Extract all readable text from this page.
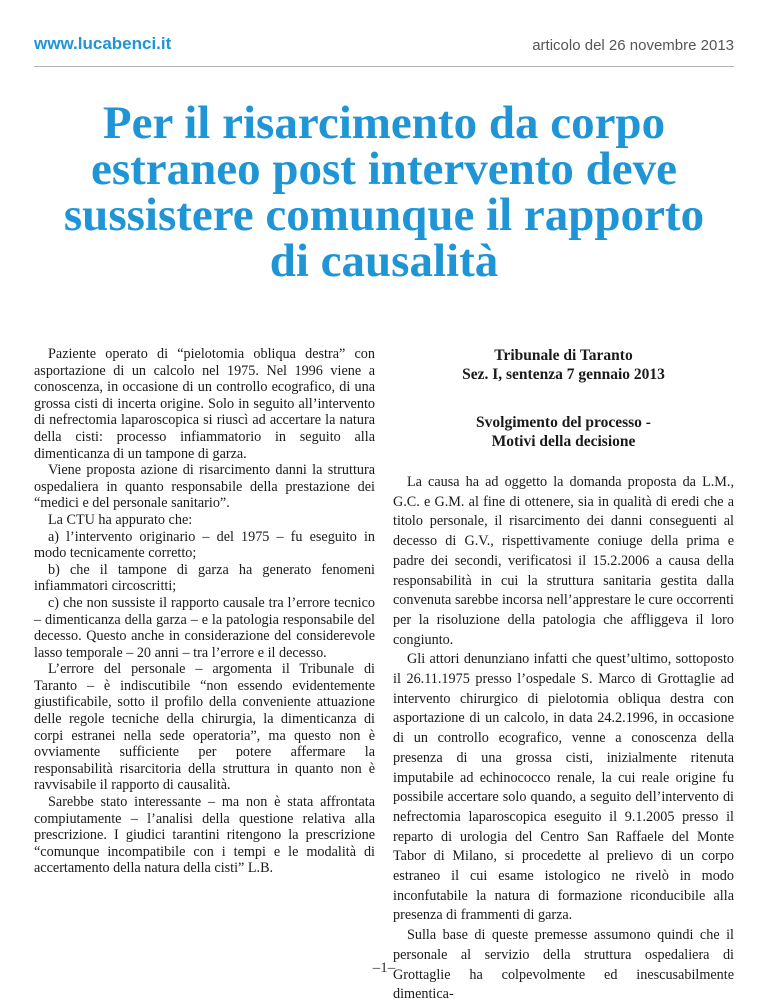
www.lucabenci.it	articolo del 26 novembre 2013
Per il risarcimento da corpo estraneo post intervento deve sussistere comunque il rapporto di causalità

Paziente operato di “pielotomia obliqua destra” con asportazione di un calcolo nel 1975. Nel 1996 viene a conoscenza, in occasione di un controllo ecografico, di una grossa cisti di incerta origine. Solo in seguito all’intervento di nefrectomia laparoscopica si riuscì ad accertare la natura della cisti: processo infiammatorio in seguito alla dimenticanza di un tampone di garza.

Viene proposta azione di risarcimento danni la struttura ospedaliera in quanto responsabile della prestazione dei “medici e del personale sanitario”.

La CTU ha appurato che:

a) l’intervento originario – del 1975 – fu eseguito in modo tecnicamente corretto;

b) che il tampone di garza ha generato fenomeni infiammatori circoscritti;

c) che non sussiste il rapporto causale tra l’errore tecnico – dimenticanza della garza – e la patologia responsabile del decesso. Questo anche in considerazione del considerevole lasso temporale – 20 anni – tra l’errore e il decesso.

L’errore del personale – argomenta il Tribunale di Taranto – è indiscutibile “non essendo evidentemente giustificabile, sotto il profilo della conveniente attuazione delle regole tecniche della chirurgia, la dimenticanza di corpi estranei nella sede operatoria”, ma questo non è ovviamente sufficiente per potere affermare la responsabilità risarcitoria della struttura in quanto non è ravvisabile il rapporto di causalità.

Sarebbe stato interessante – ma non è stata affrontata compiutamente – l’analisi della questione relativa alla prescrizione. I giudici tarantini ritengono la prescrizione “comunque incompatibile con i tempi e le modalità di accertamento della natura della cisti” L.B.

Tribunale di Taranto
Sez. I, sentenza 7 gennaio 2013
Svolgimento del processo -
Motivi della decisione

La causa ha ad oggetto la domanda proposta da L.M., G.C. e G.M. al fine di ottenere, sia in qualità di eredi che a titolo personale, il risarcimento dei danni conseguenti al decesso di G.V., rispettivamente coniuge della prima e padre dei secondi, verificatosi il 15.2.2006 a causa della responsabilità in cui la struttura sanitaria gestita dalla convenuta sarebbe incorsa nell’apprestare le cure occorrenti per la risoluzione della patologia che affliggeva il loro congiunto.

Gli attori denunziano infatti che quest’ultimo, sottoposto il 26.11.1975 presso l’ospedale S. Marco di Grottaglie ad intervento chirurgico di pielotomia obliqua destra con asportazione di un calcolo, in data 24.2.1996, in occasione di un controllo ecografico, venne a conoscenza della presenza di una grossa cisti, inizialmente ritenuta imputabile ad echinococco renale, la cui reale origine fu possibile accertare solo quando, a seguito dell’intervento di nefrectomia laparoscopica eseguito il 9.1.2005 presso il reparto di urologia del Centro San Raffaele del Monte Tabor di Milano, si procedette al prelievo di un corpo estraneo il cui esame istologico ne rivelò in modo inconfutabile la natura di formazione riconducibile alla presenza di frammenti di garza.

Sulla base di queste premesse assumono quindi che il personale al servizio della struttura ospedaliera di Grottaglie ha colpevolmente ed inescusabilmente dimentica-

–1–
